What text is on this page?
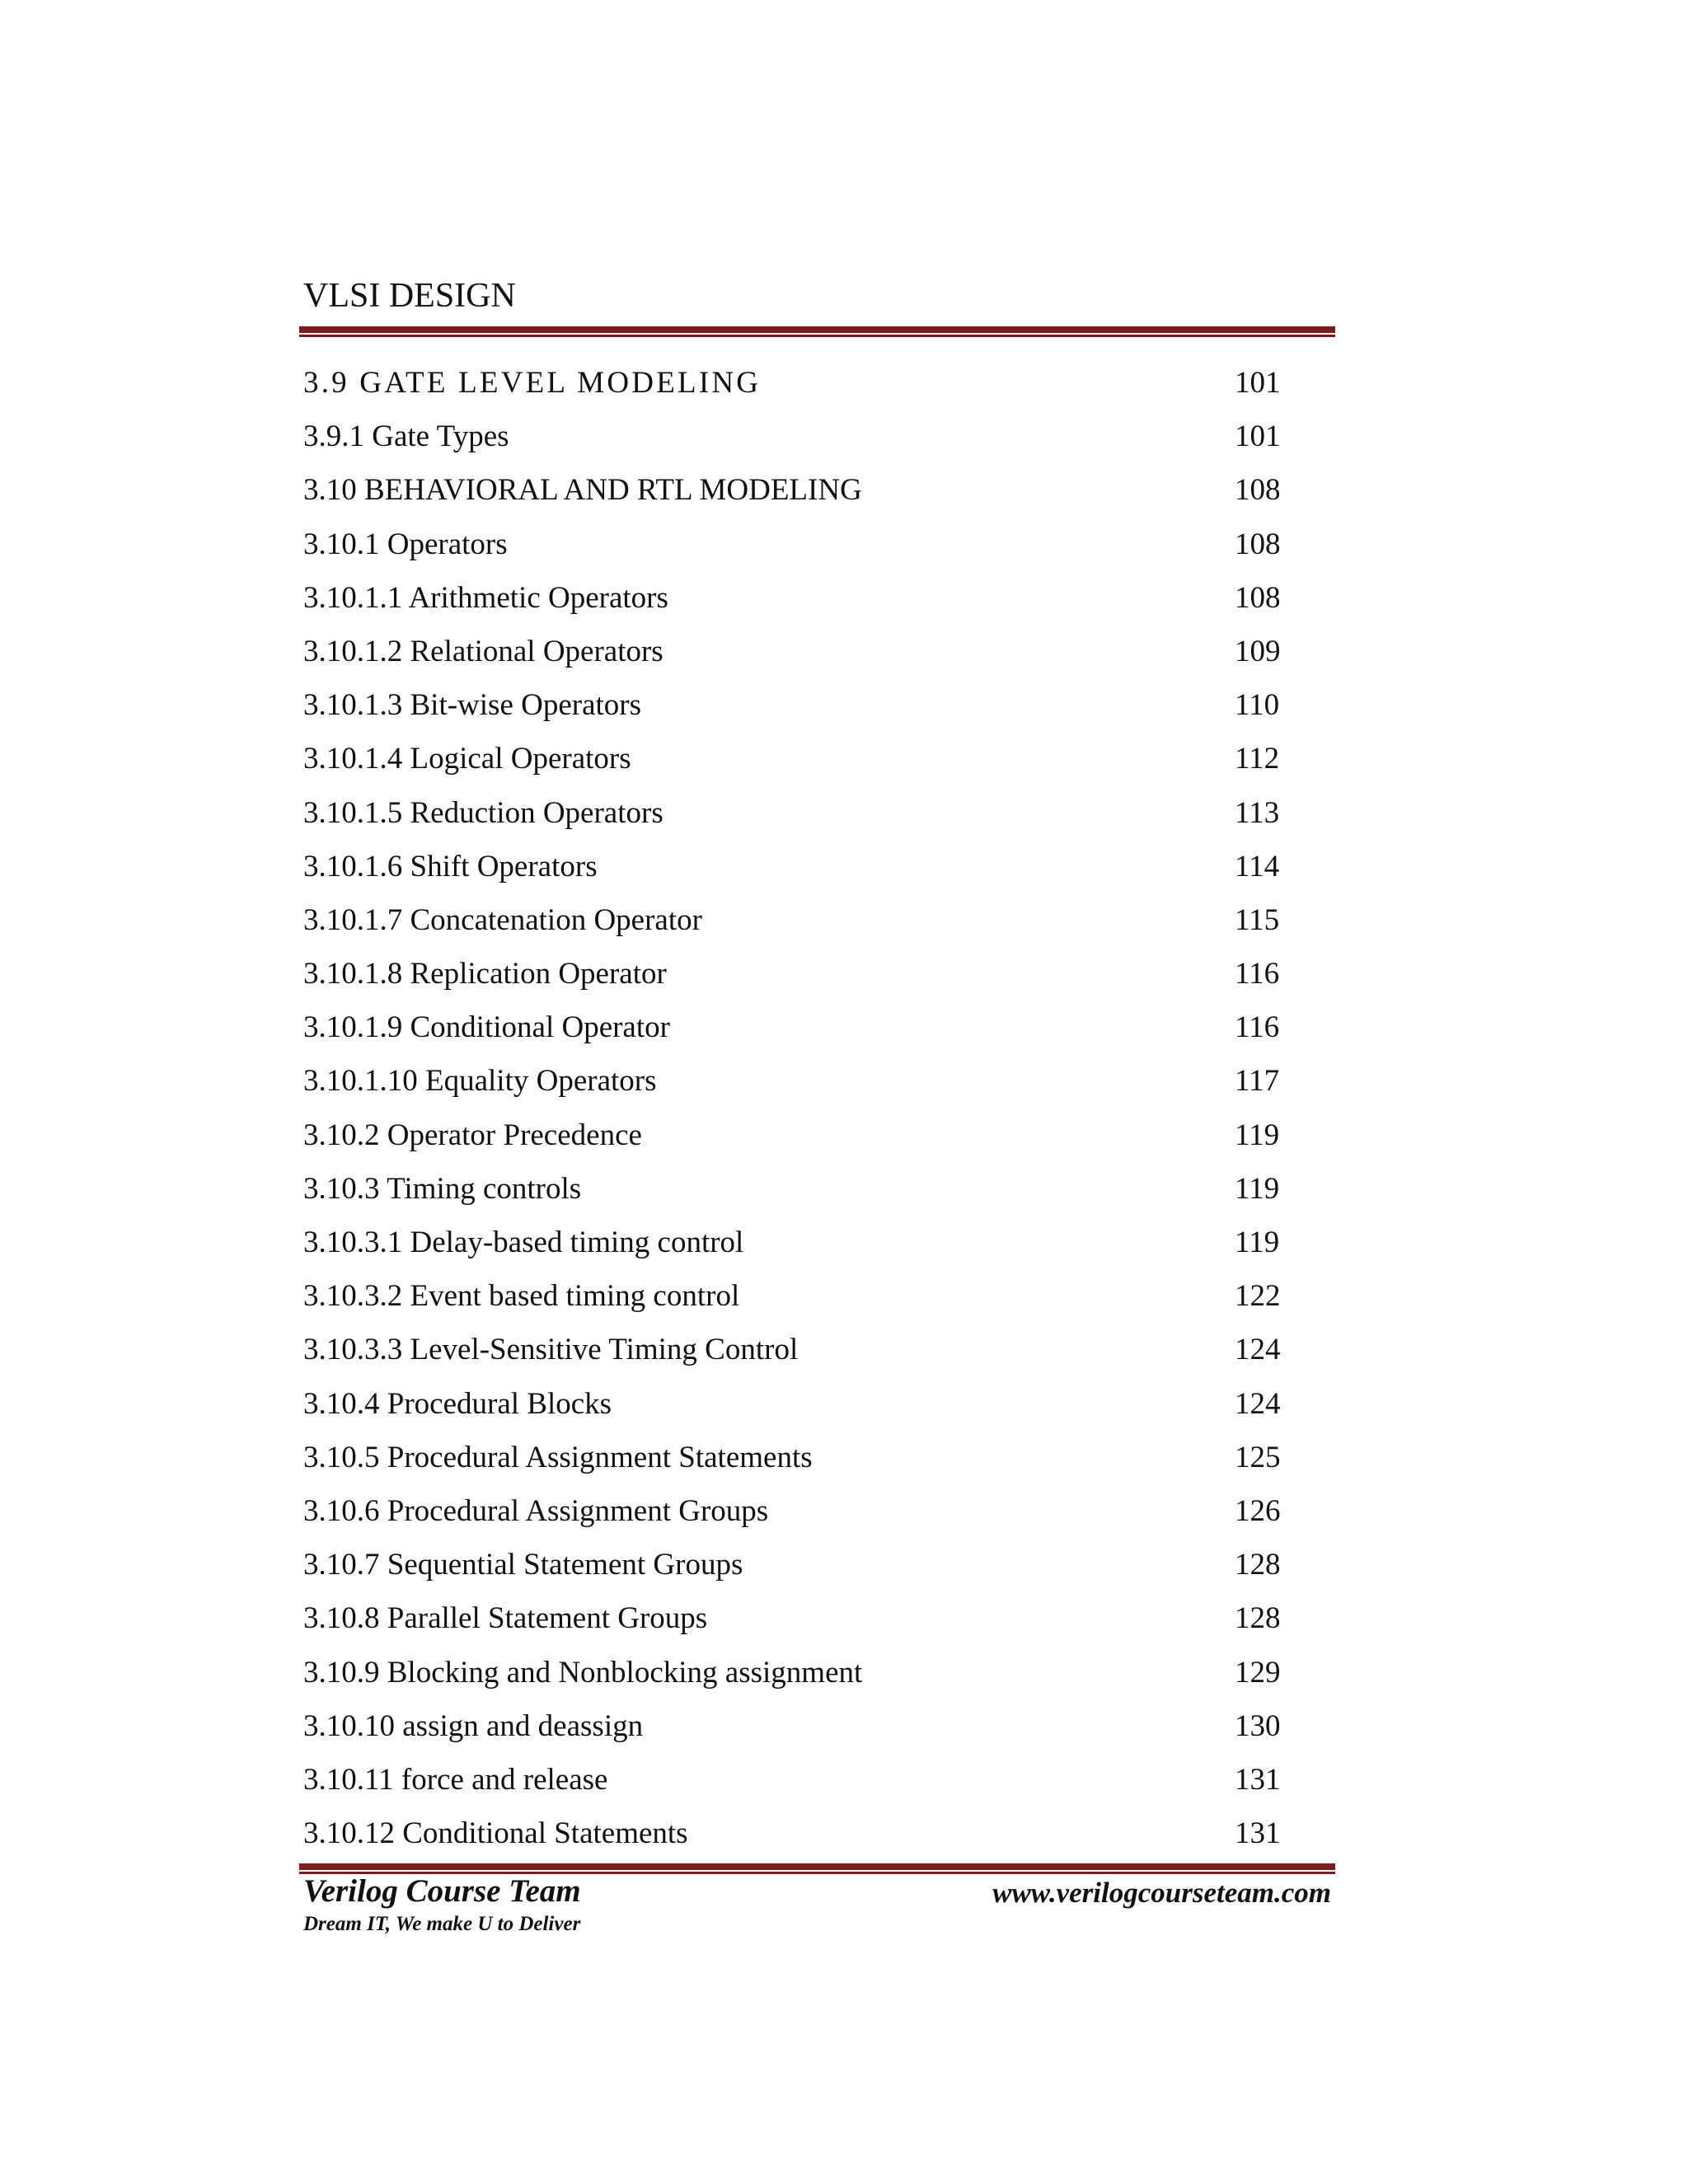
VLSI DESIGN
3.9 GATE LEVEL MODELING	101
3.9.1 Gate Types	101
3.10 BEHAVIORAL AND RTL MODELING	108
3.10.1 Operators	108
3.10.1.1 Arithmetic Operators	108
3.10.1.2 Relational Operators	109
3.10.1.3 Bit-wise Operators	110
3.10.1.4 Logical Operators	112
3.10.1.5 Reduction Operators	113
3.10.1.6 Shift Operators	114
3.10.1.7 Concatenation Operator	115
3.10.1.8 Replication Operator	116
3.10.1.9 Conditional Operator	116
3.10.1.10 Equality Operators	117
3.10.2 Operator Precedence	119
3.10.3 Timing controls	119
3.10.3.1 Delay-based timing control	119
3.10.3.2 Event based timing control	122
3.10.3.3 Level-Sensitive Timing Control	124
3.10.4 Procedural Blocks	124
3.10.5 Procedural Assignment Statements	125
3.10.6 Procedural Assignment Groups	126
3.10.7 Sequential Statement Groups	128
3.10.8 Parallel Statement Groups	128
3.10.9 Blocking and Nonblocking assignment	129
3.10.10 assign and deassign	130
3.10.11 force and release	131
3.10.12 Conditional Statements	131
Verilog Course Team
Dream IT, We make U to Deliver
www.verilogcourseteam.com
